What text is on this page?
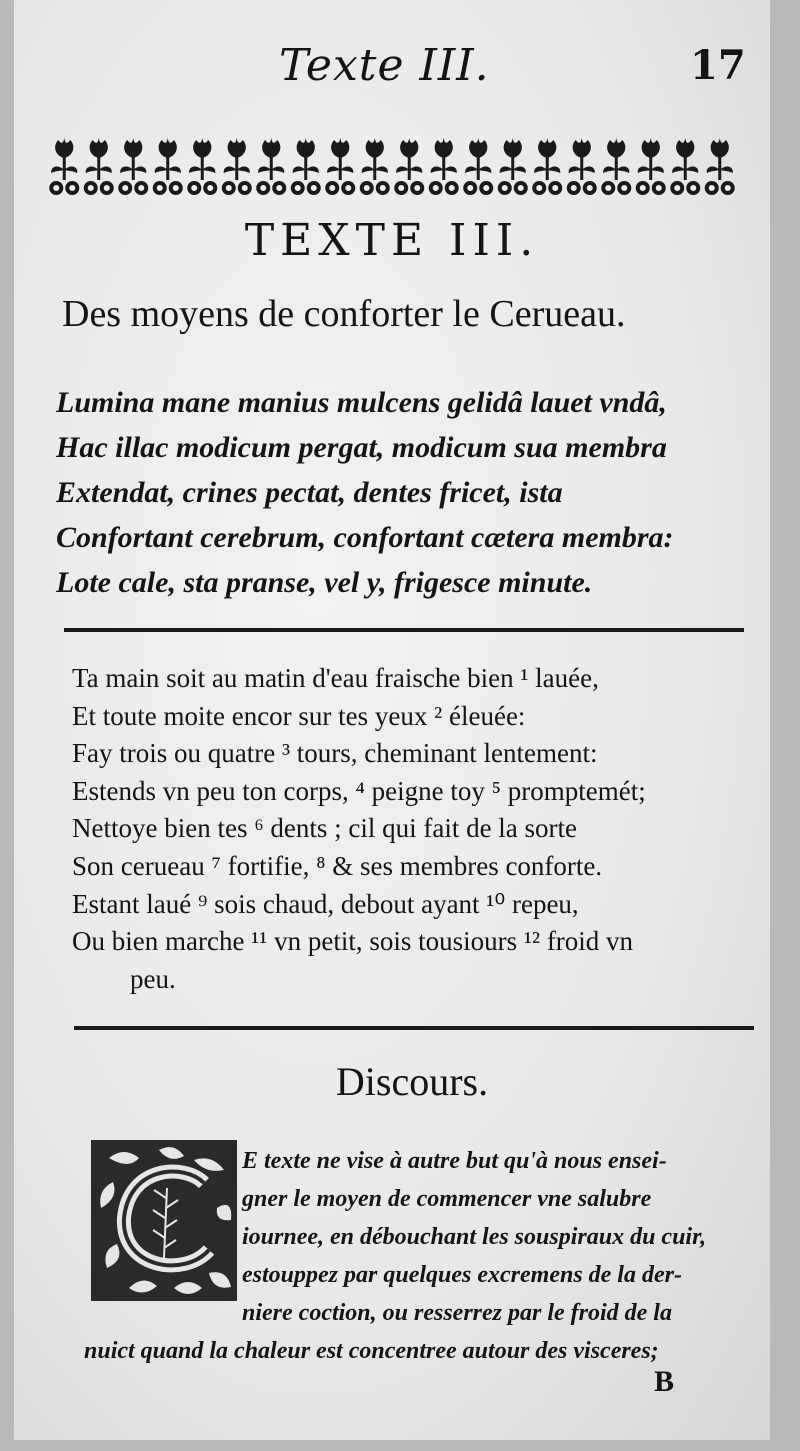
Texte III.	17
TEXTE III.
Des moyens de conforter le Cerueau.
Lumina mane manius mulcens gelidâ lauet vndâ,
Hac illac modicum pergat, modicum sua membra
Extendat, crines pectat, dentes fricet, ista
Confortant cerebrum, confortant cætera membra:
Lote cale, sta pranse, vel y, frigesce minute.
Ta main soit au matin d'eau fraische bien ¹ lauée,
Et toute moite encor sur tes yeux ² éleuée:
Fay trois ou quatre ³ tours, cheminant lentement:
Estends vn peu ton corps, ⁴ peigne toy ⁵ promptemét;
Nettoye bien tes ⁶ dents ; cil qui fait de la sorte
Son cerueau ⁷ fortifie, ⁸ & ses membres conforte.
Estant laué ⁹ sois chaud, debout ayant ¹⁰ repeu,
Ou bien marche ¹¹ vn petit, sois tousiours ¹² froid vn
peu.
Discours.
E texte ne vise à autre but qu'à nous ensei-
gner le moyen de commencer vne salubre
iournee, en débouchant les souspiraux du cuir,
estouppez par quelques excremens de la der-
niere coction, ou resserrez par le froid de la
nuict quand la chaleur est concentree autour des visceres;
B
